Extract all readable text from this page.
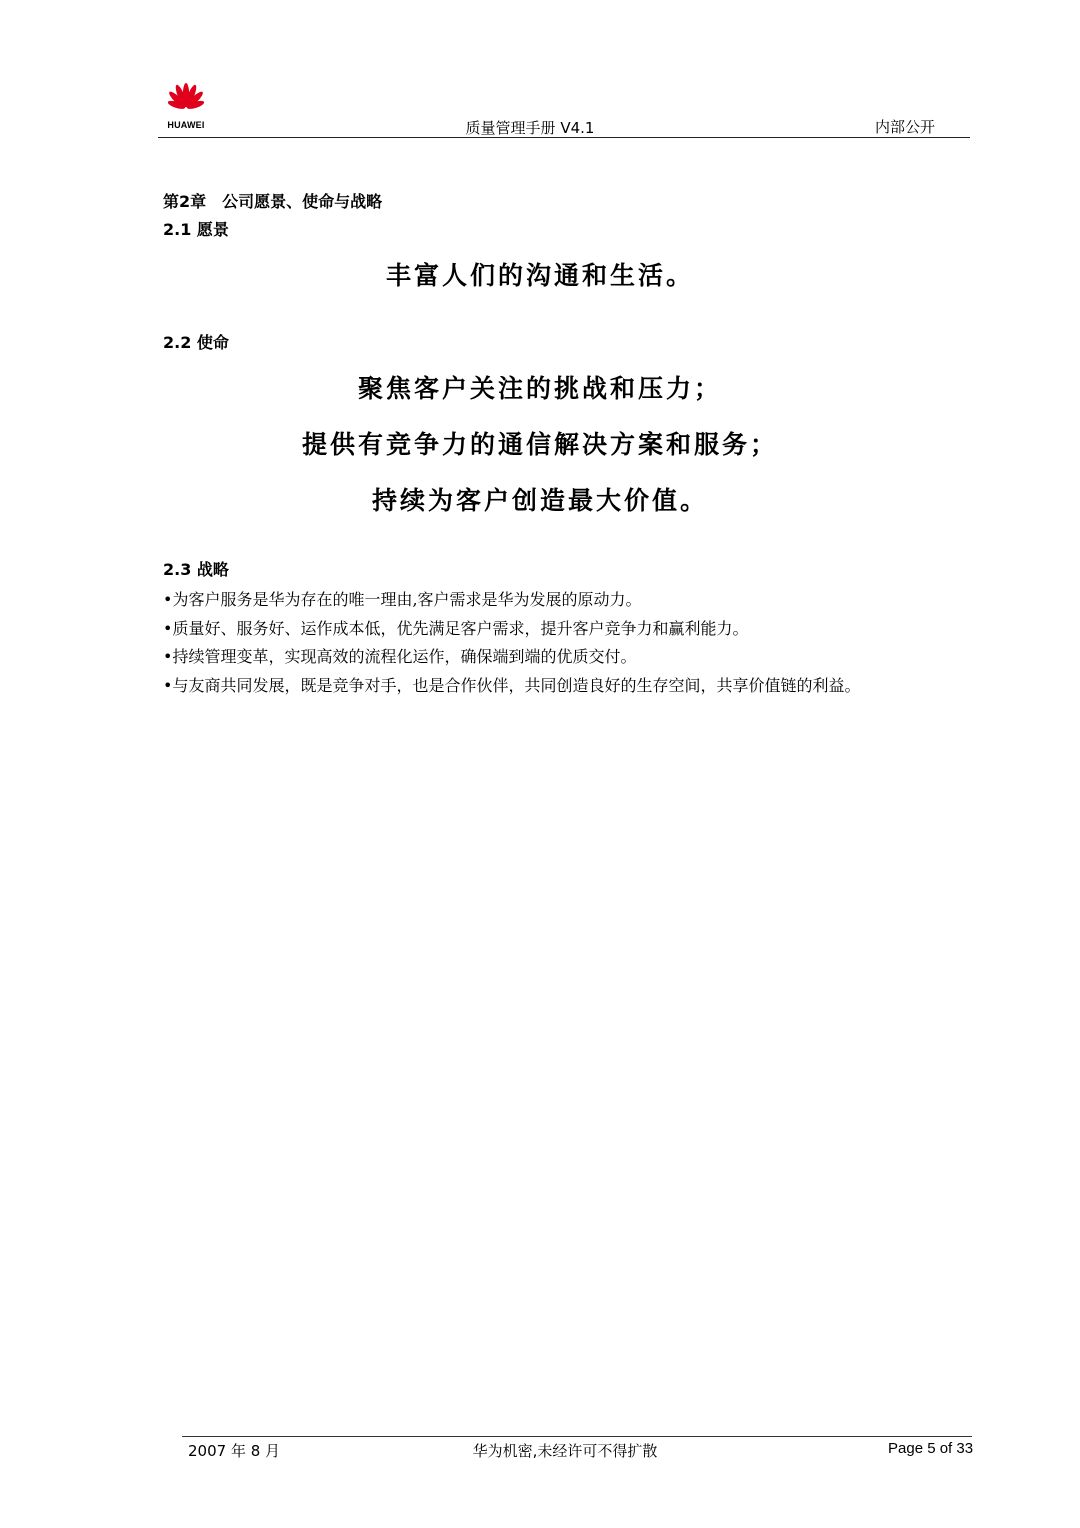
HUAWEI	质量管理手册 V4.1	内部公开
第2章　公司愿景、使命与战略
2.1 愿景
丰富人们的沟通和生活。
2.2 使命
聚焦客户关注的挑战和压力；
提供有竞争力的通信解决方案和服务；
持续为客户创造最大价值。
2.3 战略
•为客户服务是华为存在的唯一理由,客户需求是华为发展的原动力。
•质量好、服务好、运作成本低，优先满足客户需求，提升客户竞争力和赢利能力。
•持续管理变革，实现高效的流程化运作，确保端到端的优质交付。
•与友商共同发展，既是竞争对手，也是合作伙伴，共同创造良好的生存空间，共享价值链的利益。
2007 年 8 月	华为机密,未经许可不得扩散	Page 5 of 33
